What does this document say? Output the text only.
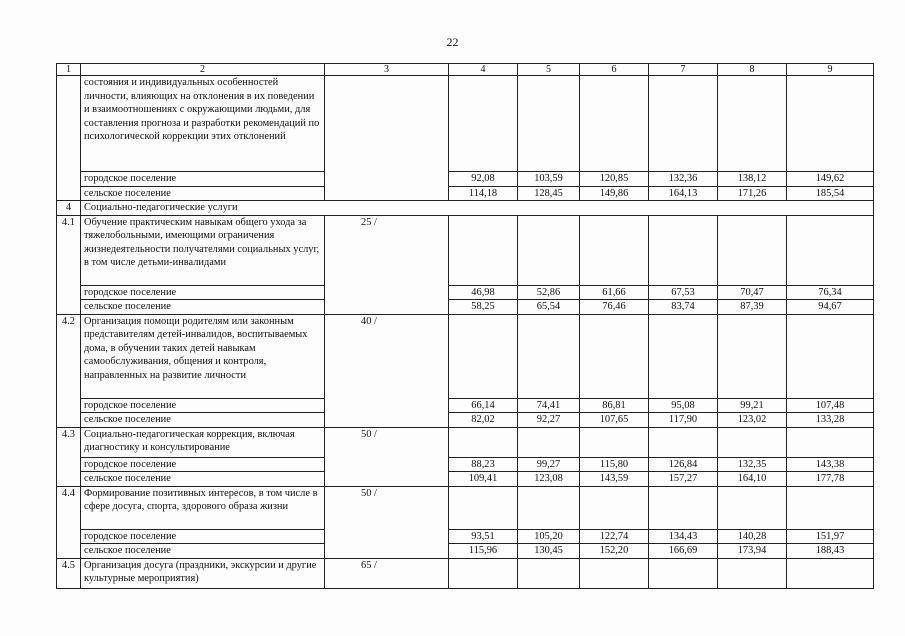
22
1	2	3	4	5	6	7	8	9
	состояния и индивидуальных особенностей личности, влияющих на отклонения в их поведении и взаимоотношениях с окружающими людьми, для составления прогноза и разработки рекомендаций по психологической коррекции этих отклонений							
	городское поселение		92,08	103,59	120,85	132,36	138,12	149,62
	сельское поселение		114,18	128,45	149,86	164,13	171,26	185,54
4	Социально-педагогические услуги							
4.1	Обучение практическим навыкам общего ухода за тяжелобольными, имеющими ограничения жизнедеятельности получателями социальных услуг, в том числе детьми-инвалидами	25 /						
	городское поселение		46,98	52,86	61,66	67,53	70,47	76,34
	сельское поселение		58,25	65,54	76,46	83,74	87,39	94,67
4.2	Организация помощи родителям или законным представителям детей-инвалидов, воспитываемых дома, в обучении таких детей навыкам самообслуживания, общения и контроля, направленных на развитие личности	40 /						
	городское поселение		66,14	74,41	86,81	95,08	99,21	107,48
	сельское поселение		82,02	92,27	107,65	117,90	123,02	133,28
4.3	Социально-педагогическая коррекция, включая диагностику и консультирование	50 /						
	городское поселение		88,23	99,27	115,80	126,84	132,35	143,38
	сельское поселение		109,41	123,08	143,59	157,27	164,10	177,78
4.4	Формирование позитивных интересов, в том числе в сфере досуга, спорта, здорового образа жизни	50 /						
	городское поселение		93,51	105,20	122,74	134,43	140,28	151,97
	сельское поселение		115,96	130,45	152,20	166,69	173,94	188,43
4.5	Организация досуга (праздники, экскурсии и другие культурные мероприятия)	65 /						
